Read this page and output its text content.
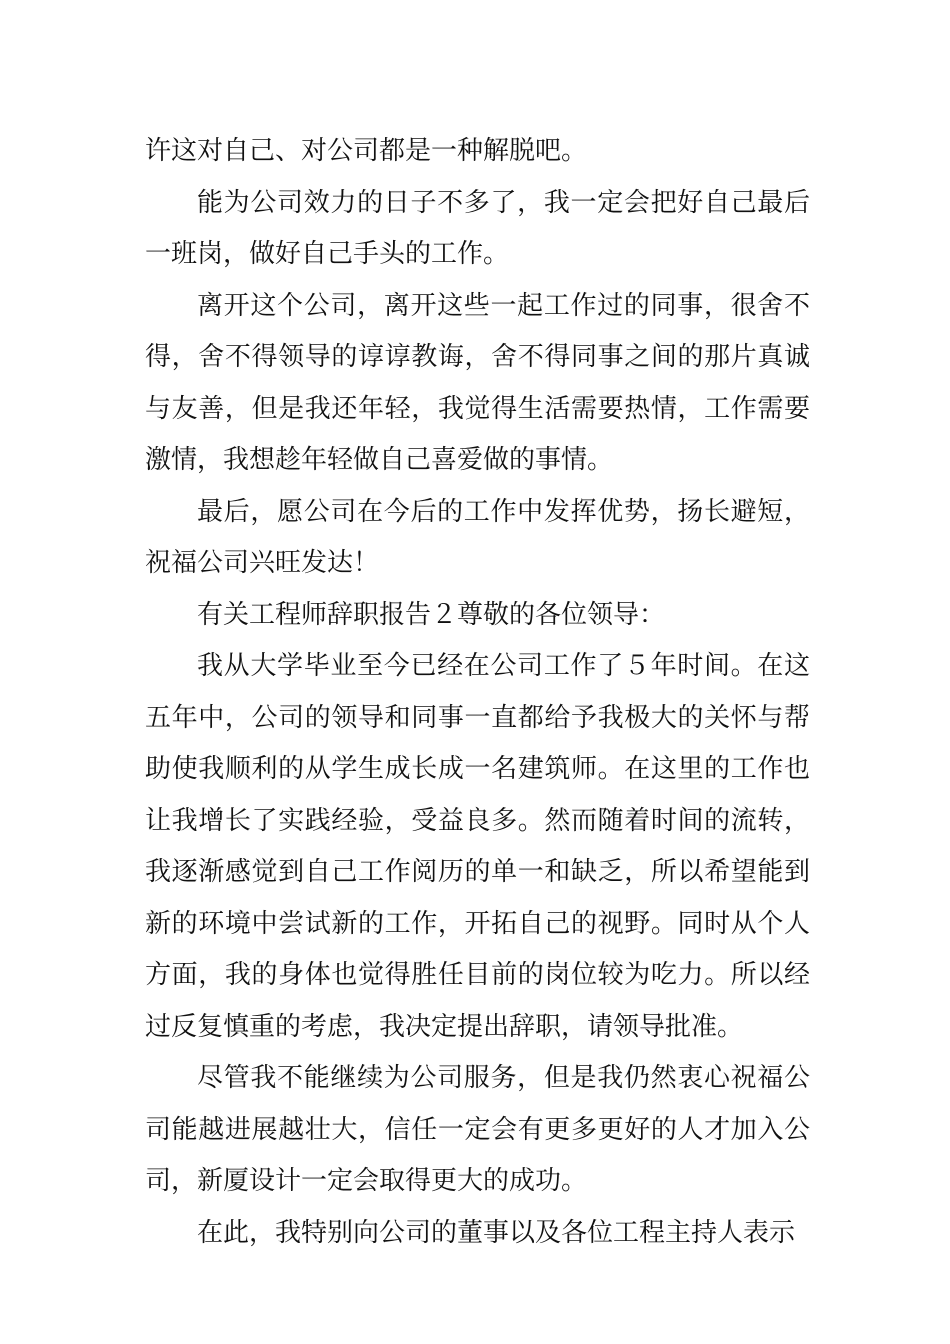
许这对自己、对公司都是一种解脱吧。

能为公司效力的日子不多了，我一定会把好自己最后一班岗，做好自己手头的工作。

离开这个公司，离开这些一起工作过的同事，很舍不得，舍不得领导的谆谆教诲，舍不得同事之间的那片真诚与友善，但是我还年轻，我觉得生活需要热情，工作需要激情，我想趁年轻做自己喜爱做的事情。

最后，愿公司在今后的工作中发挥优势，扬长避短，祝福公司兴旺发达！

有关工程师辞职报告２尊敬的各位领导：

我从大学毕业至今已经在公司工作了５年时间。在这五年中，公司的领导和同事一直都给予我极大的关怀与帮助使我顺利的从学生成长成一名建筑师。在这里的工作也让我增长了实践经验，受益良多。然而随着时间的流转，我逐渐感觉到自己工作阅历的单一和缺乏，所以希望能到新的环境中尝试新的工作，开拓自己的视野。同时从个人方面，我的身体也觉得胜任目前的岗位较为吃力。所以经过反复慎重的考虑，我决定提出辞职，请领导批准。

尽管我不能继续为公司服务，但是我仍然衷心祝福公司能越进展越壮大，信任一定会有更多更好的人才加入公司，新厦设计一定会取得更大的成功。

在此，我特别向公司的董事以及各位工程主持人表示
